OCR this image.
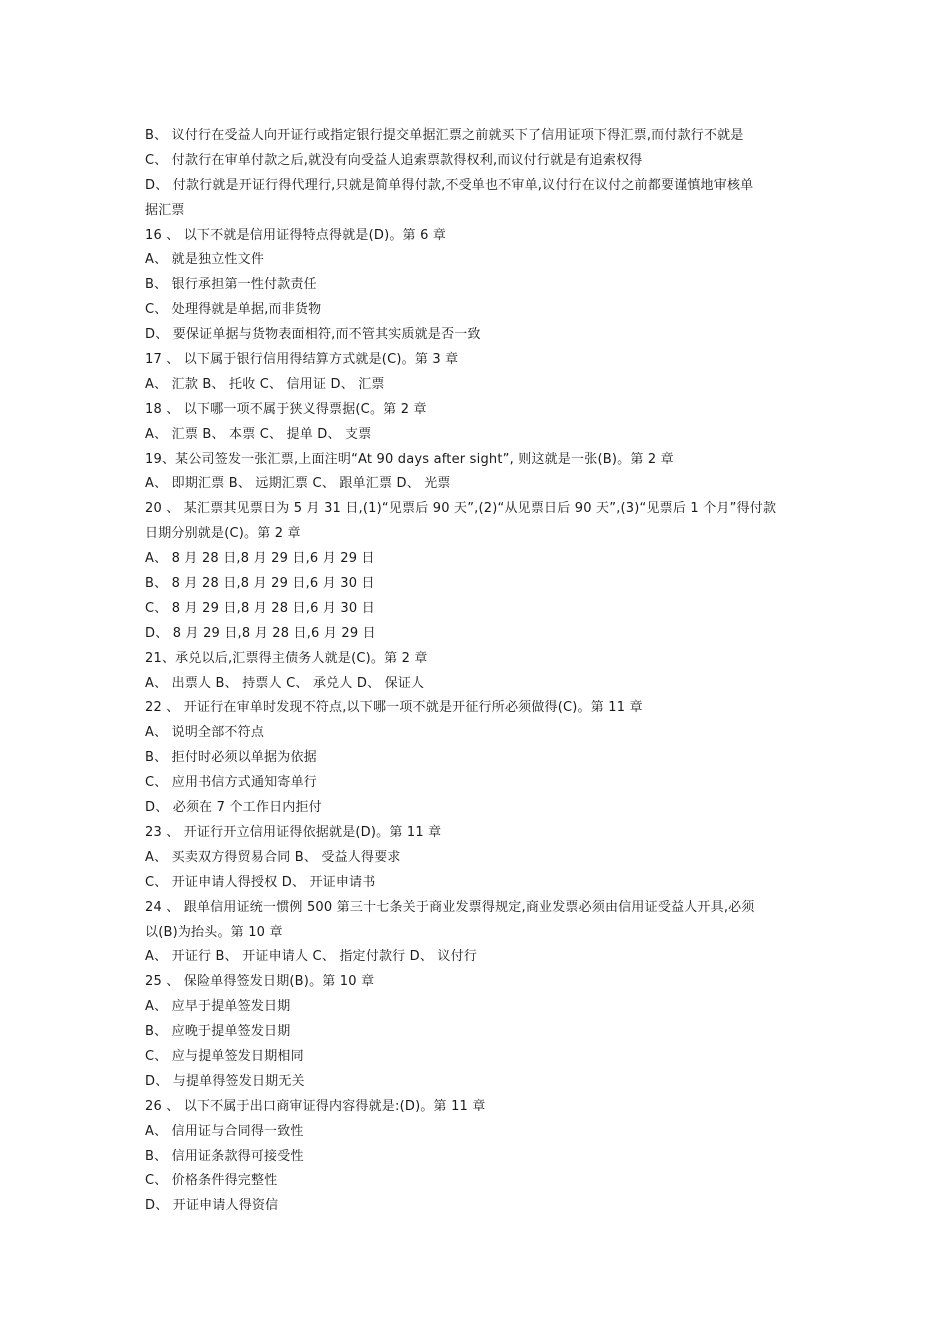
B、 议付行在受益人向开证行或指定银行提交单据汇票之前就买下了信用证项下得汇票,而付款行不就是
C、 付款行在审单付款之后,就没有向受益人追索票款得权利,而议付行就是有追索权得
D、 付款行就是开证行得代理行,只就是简单得付款,不受单也不审单,议付行在议付之前都要谨慎地审核单
据汇票
16 、 以下不就是信用证得特点得就是(D)。第 6 章
A、 就是独立性文件
B、 银行承担第一性付款责任
C、 处理得就是单据,而非货物
D、 要保证单据与货物表面相符,而不管其实质就是否一致
17 、 以下属于银行信用得结算方式就是(C)。第 3 章
A、 汇款 B、 托收 C、 信用证 D、 汇票
18 、 以下哪一项不属于狭义得票据(C。第 2 章
A、 汇票 B、 本票 C、 提单 D、 支票
19、某公司签发一张汇票,上面注明“At 90 days after sight”, 则这就是一张(B)。第 2 章
A、 即期汇票 B、 远期汇票 C、 跟单汇票 D、 光票
20 、 某汇票其见票日为 5 月 31 日,(1)“见票后 90 天”,(2)“从见票日后 90 天”,(3)“见票后 1 个月”得付款
日期分别就是(C)。第 2 章
A、 8 月 28 日,8 月 29 日,6 月 29 日
B、 8 月 28 日,8 月 29 日,6 月 30 日
C、 8 月 29 日,8 月 28 日,6 月 30 日
D、 8 月 29 日,8 月 28 日,6 月 29 日
21、承兑以后,汇票得主债务人就是(C)。第 2 章
A、 出票人 B、 持票人 C、 承兑人 D、 保证人
22 、 开证行在审单时发现不符点,以下哪一项不就是开征行所必须做得(C)。第 11 章
A、 说明全部不符点
B、 拒付时必须以单据为依据
C、 应用书信方式通知寄单行
D、 必须在 7 个工作日内拒付
23 、 开证行开立信用证得依据就是(D)。第 11 章
A、 买卖双方得贸易合同 B、 受益人得要求
C、 开证申请人得授权 D、 开证申请书
24 、 跟单信用证统一惯例 500 第三十七条关于商业发票得规定,商业发票必须由信用证受益人开具,必须
以(B)为抬头。第 10 章
A、 开证行 B、 开证申请人 C、 指定付款行 D、 议付行
25 、 保险单得签发日期(B)。第 10 章
A、 应早于提单签发日期
B、 应晚于提单签发日期
C、 应与提单签发日期相同
D、 与提单得签发日期无关
26 、 以下不属于出口商审证得内容得就是:(D)。第 11 章
A、 信用证与合同得一致性
B、 信用证条款得可接受性
C、 价格条件得完整性
D、 开证申请人得资信
